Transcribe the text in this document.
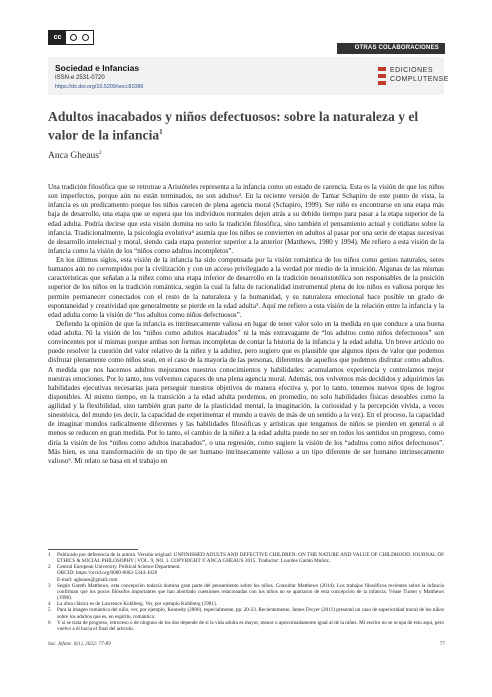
cc
OTRAS COLABORACIONES
Sociedad e Infancias
ISSN-e 2531-0720
https://dx.doi.org/10.5209/soci.81086
EDICIONES
COMPLUTENSE
Adultos inacabados y niños defectuosos: sobre la naturaleza y el valor de la infancia$^1$
Anca Gheaus$^2$

Una tradición filosófica que se retrotrae a Aristóteles representa a la infancia como un estado de carencia. Esta es la visión de que los niños son imperfectos, porque aún no están terminados, no son adultos³. En la reciente versión de Tamar Schapiro de este punto de vista, la infancia es un predicamento porque los niños carecen de plena agencia moral (Schapiro, 1999). Ser niño es encontrarse en una etapa más baja de desarrollo, una etapa que se espera que los individuos normales dejen atrás a su debido tiempo para pasar a la etapa superior de la edad adulta. Podría decirse que esta visión domina no solo la tradición filosófica, sino también el pensamiento actual y cotidiano sobre la infancia. Tradicionalmente, la psicología evolutiva⁴ asumía que los niños se convierten en adultos al pasar por una serie de etapas sucesivas de desarrollo intelectual y moral, siendo cada etapa posterior superior a la anterior (Matthews, 1980 y 1994). Me refiero a esta visión de la infancia como la visión de los “niños como adultos incompletos”.

En los últimos siglos, esta visión de la infancia ha sido compensada por la visión romántica de los niños como genios naturales, seres humanos aún no corrompidos por la civilización y con un acceso privilegiado a la verdad por medio de la intuición. Algunas de las mismas características que señalan a la niñez como una etapa inferior de desarrollo en la tradición neoaristotélica son responsables de la posición superior de los niños en la tradición romántica, según la cual la falta de racionalidad instrumental plena de los niños es valiosa porque les permite permanecer conectados con el resto de la naturaleza y la humanidad, y su naturaleza emocional hace posible un grado de espontaneidad y creatividad que generalmente se pierde en la edad adulta⁵. Aquí me refiero a esta visión de la relación entre la infancia y la edad adulta como la visión de “los adultos como niños defectuosos”.

Defiendo la opinión de que la infancia es intrínsecamente valiosa en lugar de tener valor solo en la medida en que conduce a una buena edad adulta. Ni la visión de los “niños como adultos inacabados” ni la más extravagante de “los adultos como niños defectuosos” son convincentes por sí mismas porque ambas son formas incompletas de contar la historia de la infancia y la edad adulta. Un breve artículo no puede resolver la cuestión del valor relativo de la niñez y la adultez, pero sugiero que es plausible que algunos tipos de valor que podemos disfrutar plenamente como niños sean, en el caso de la mayoría de las personas, diferentes de aquellos que podemos disfrutar como adultos. A medida que nos hacemos adultos mejoramos nuestros conocimientos y habilidades: acumulamos experiencia y controlamos mejor nuestras emociones. Por lo tanto, nos volvemos capaces de una plena agencia moral. Además, nos volvemos más decididos y adquirimos las habilidades ejecutivas necesarias para perseguir nuestros objetivos de manera efectiva y, por lo tanto, tenemos nuevos tipos de logros disponibles. Al mismo tiempo, en la transición a la edad adulta perdemos, en promedio, no solo habilidades físicas deseables como la agilidad y la flexibilidad, sino también gran parte de la plasticidad mental, la imaginación, la curiosidad y la percepción vívida, a veces sinestésica, del mundo (es decir, la capacidad de experimentar el mundo a través de más de un sentido a la vez). En el proceso, la capacidad de imaginar mundos radicalmente diferentes y las habilidades filosóficas y artísticas que tengamos de niños se pierden en general o al menos se reducen en gran medida. Por lo tanto, el cambio de la niñez a la edad adulta puede no ser en todos los sentidos un progreso, como diría la visión de los “niños como adultos inacabados”, o una regresión, como sugiere la visión de los “adultos como niños defectuosos”. Más bien, es una transformación de un tipo de ser humano intrínsecamente valioso a un tipo diferente de ser humano intrínsecamente valioso⁶. Mi relato se basa en el trabajo en

1	Publicado por deferencia de la autora. Versión original: UNFINISHED ADULTS AND DEFECTIVE CHILDREN: ON THE NATURE AND VALUE OF CHILDHOOD. JOURNAL OF ETHICS & SOCIAL PHILOSOPHY | VOL. 9, NO. 1. COPYRIGHT © ANCA GHEAUS 2015. Traductor: Lourdes Gaitán Muñoz.
2	Central European University. Political Science Department.
ORCID: https://orcid.org/0000-0002-5344-1026
E-mail: agheaus@gmail.com
3	Según Gareth Matthews, esta concepción todavía domina gran parte del pensamiento sobre los niños. Consultar Matthews (2014). Los trabajos filosóficos recientes sobre la infancia confirman que los pocos filósofos importantes que han abordado cuestiones relacionadas con los niños no se apartaron de esta concepción de la infancia. Véase Turner y Matthews (1998).
4	La obra clásica es de Lawrence Kohlberg. Ver, por ejemplo Kohlberg (1981).
5	Para la imagen romántica del niño, ver, por ejemplo, Kennedy (2006), especialmente, pp. 20-23. Recientemente, James Dwyer (2011) presentó un caso de superioridad moral de los niños sobre los adultos que es, en espíritu, romántica.
6	Y si se trata de progreso, retroceso o de ninguno de los dos depende de si la vida adulta es mayor, menor o aproximadamente igual al de la niñez. Mi escrito no se ocupa de esto aquí, pero vuelvo a él hacia el final del artículo.
Soc. Infanc. 6(1), 2022: 77-89	77
